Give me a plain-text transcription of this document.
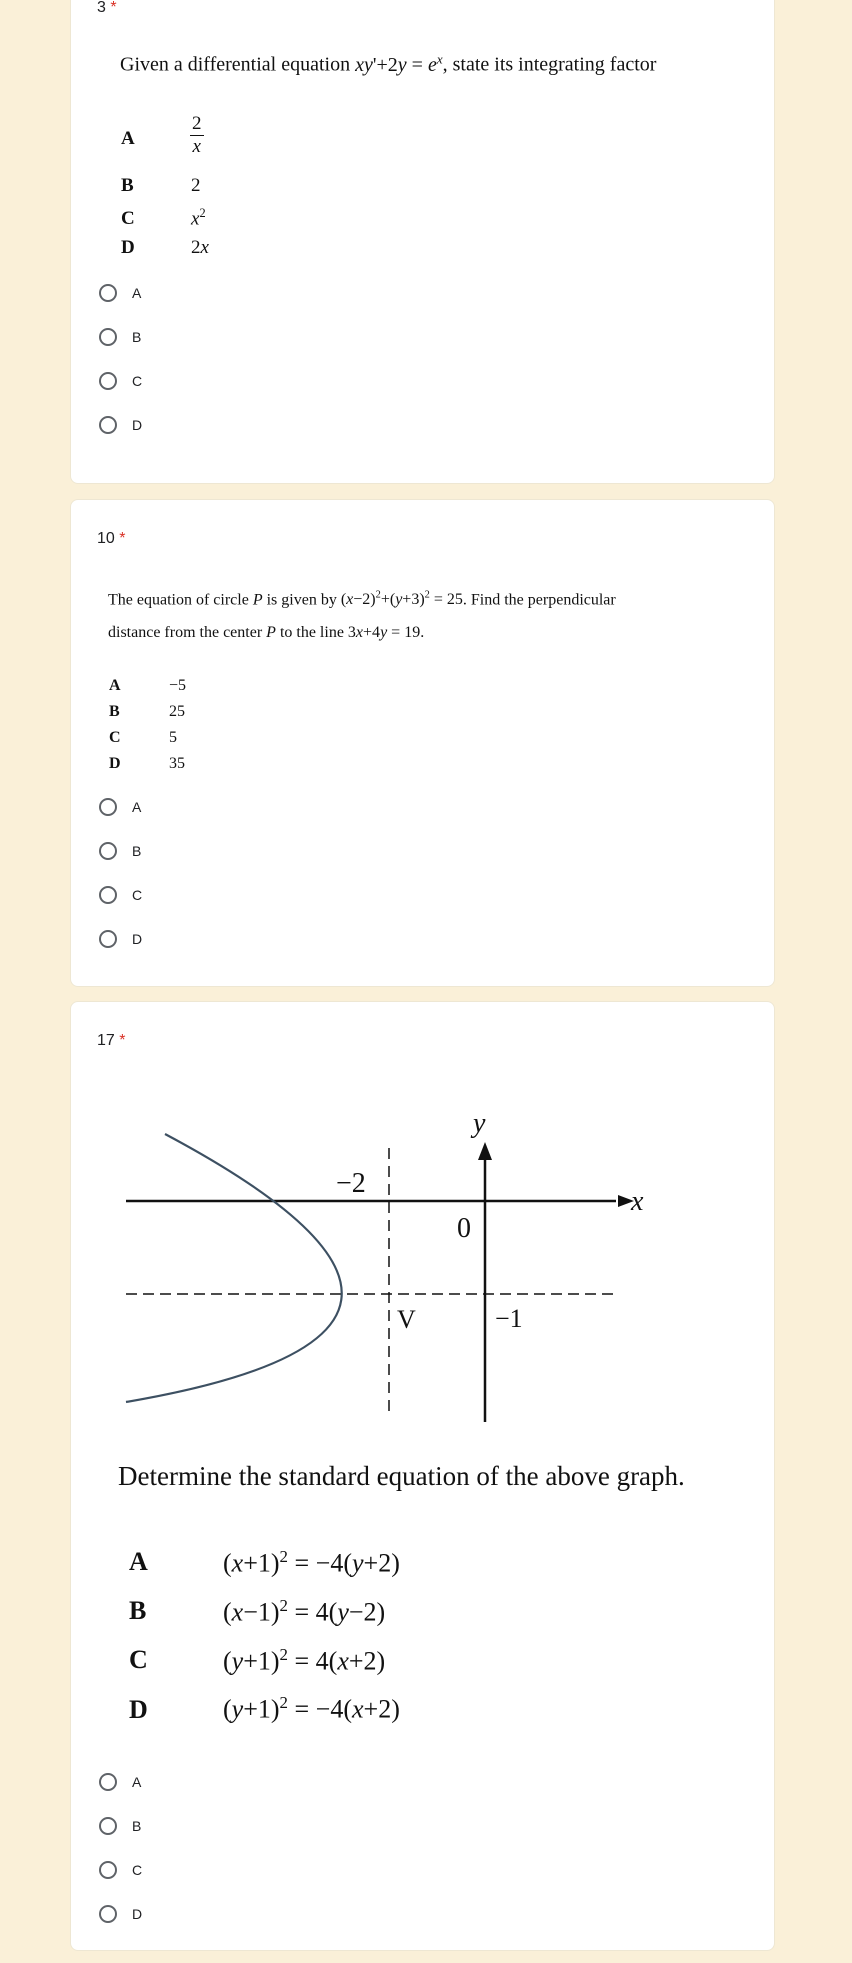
3 *
Given a differential equation $xy'+2y = e^x$, state its integrating factor
A	$\frac{2}{x}$
B	2
C	$x^2$
D	2x
A
B
C
D
10 *
The equation of circle P is given by $(x-2)^2+(y+3)^2 = 25$. Find the perpendicular
distance from the center P to the line 3x+4y = 19.
A	−5
B	25
C	5
D	35
A
B
C
D
17 *
y
x
0
−2
−1
V
Determine the standard equation of the above graph.
A	$(x+1)^2 = -4(y+2)$
B	$(x-1)^2 = 4(y-2)$
C	$(y+1)^2 = 4(x+2)$
D	$(y+1)^2 = -4(x+2)$
A
B
C
D
